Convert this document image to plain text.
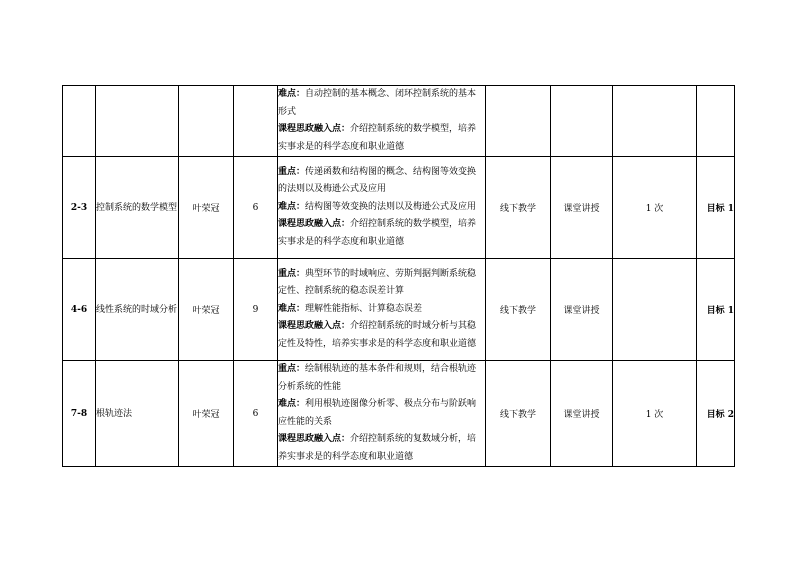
				难点：自动控制的基本概念、闭环控制系统的基本形式

课程思政融入点：介绍控制系统的数学模型，培养实事求是的科学态度和职业道德				

2-3	控制系统的数学模型	叶荣冠	6	重点：传递函数和结构图的概念、结构图等效变换的法则以及梅逊公式及应用

难点：结构图等效变换的法则以及梅逊公式及应用

课程思政融入点：介绍控制系统的数学模型，培养实事求是的科学态度和职业道德	线下教学	课堂讲授	1 次	目标 1
4-6	线性系统的时域分析	叶荣冠	9	重点：典型环节的时域响应、劳斯判据判断系统稳定性、控制系统的稳态误差计算

难点：理解性能指标、计算稳态误差

课程思政融入点：介绍控制系统的时域分析与其稳定性及特性，培养实事求是的科学态度和职业道德	线下教学	课堂讲授		目标 1
7-8	根轨迹法	叶荣冠	6	重点：绘制根轨迹的基本条件和规则，结合根轨迹分析系统的性能

难点：利用根轨迹图像分析零、极点分布与阶跃响应性能的关系

课程思政融入点：介绍控制系统的复数域分析，培养实事求是的科学态度和职业道德	线下教学	课堂讲授	1 次	目标 2
